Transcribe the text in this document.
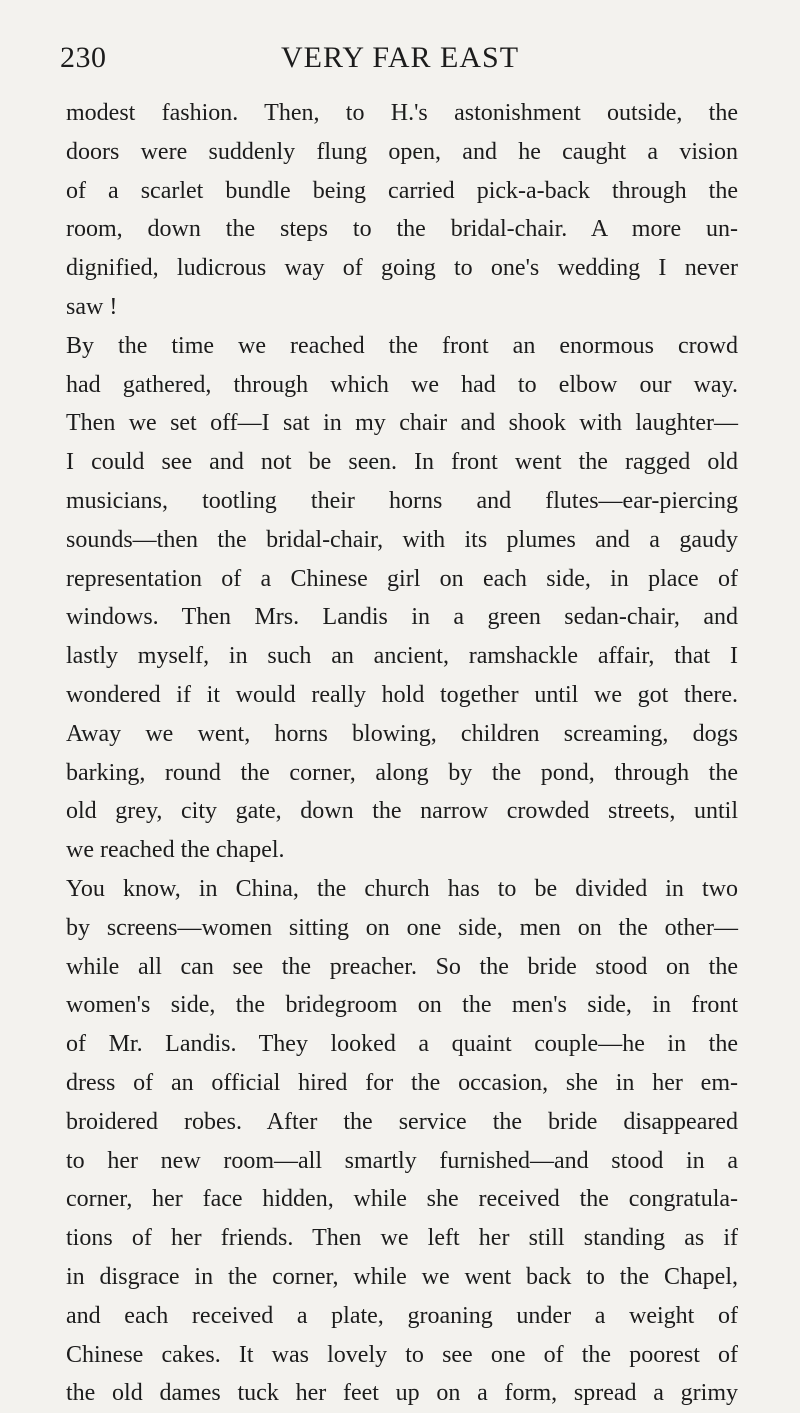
230	VERY FAR EAST
modest fashion. Then, to H.'s astonishment outside, the
doors were suddenly flung open, and he caught a vision
of a scarlet bundle being carried pick-a-back through the
room, down the steps to the bridal-chair. A more un-
dignified, ludicrous way of going to one's wedding I never
saw !
By the time we reached the front an enormous crowd
had gathered, through which we had to elbow our way.
Then we set off—I sat in my chair and shook with laughter—
I could see and not be seen. In front went the ragged old
musicians, tootling their horns and flutes—ear-piercing
sounds—then the bridal-chair, with its plumes and a gaudy
representation of a Chinese girl on each side, in place of
windows. Then Mrs. Landis in a green sedan-chair, and
lastly myself, in such an ancient, ramshackle affair, that I
wondered if it would really hold together until we got there.
Away we went, horns blowing, children screaming, dogs
barking, round the corner, along by the pond, through the
old grey, city gate, down the narrow crowded streets, until
we reached the chapel.
You know, in China, the church has to be divided in two
by screens—women sitting on one side, men on the other—
while all can see the preacher. So the bride stood on the
women's side, the bridegroom on the men's side, in front
of Mr. Landis. They looked a quaint couple—he in the
dress of an official hired for the occasion, she in her em-
broidered robes. After the service the bride disappeared
to her new room—all smartly furnished—and stood in a
corner, her face hidden, while she received the congratula-
tions of her friends. Then we left her still standing as if
in disgrace in the corner, while we went back to the Chapel,
and each received a plate, groaning under a weight of
Chinese cakes. It was lovely to see one of the poorest of
the old dames tuck her feet up on a form, spread a grimy
